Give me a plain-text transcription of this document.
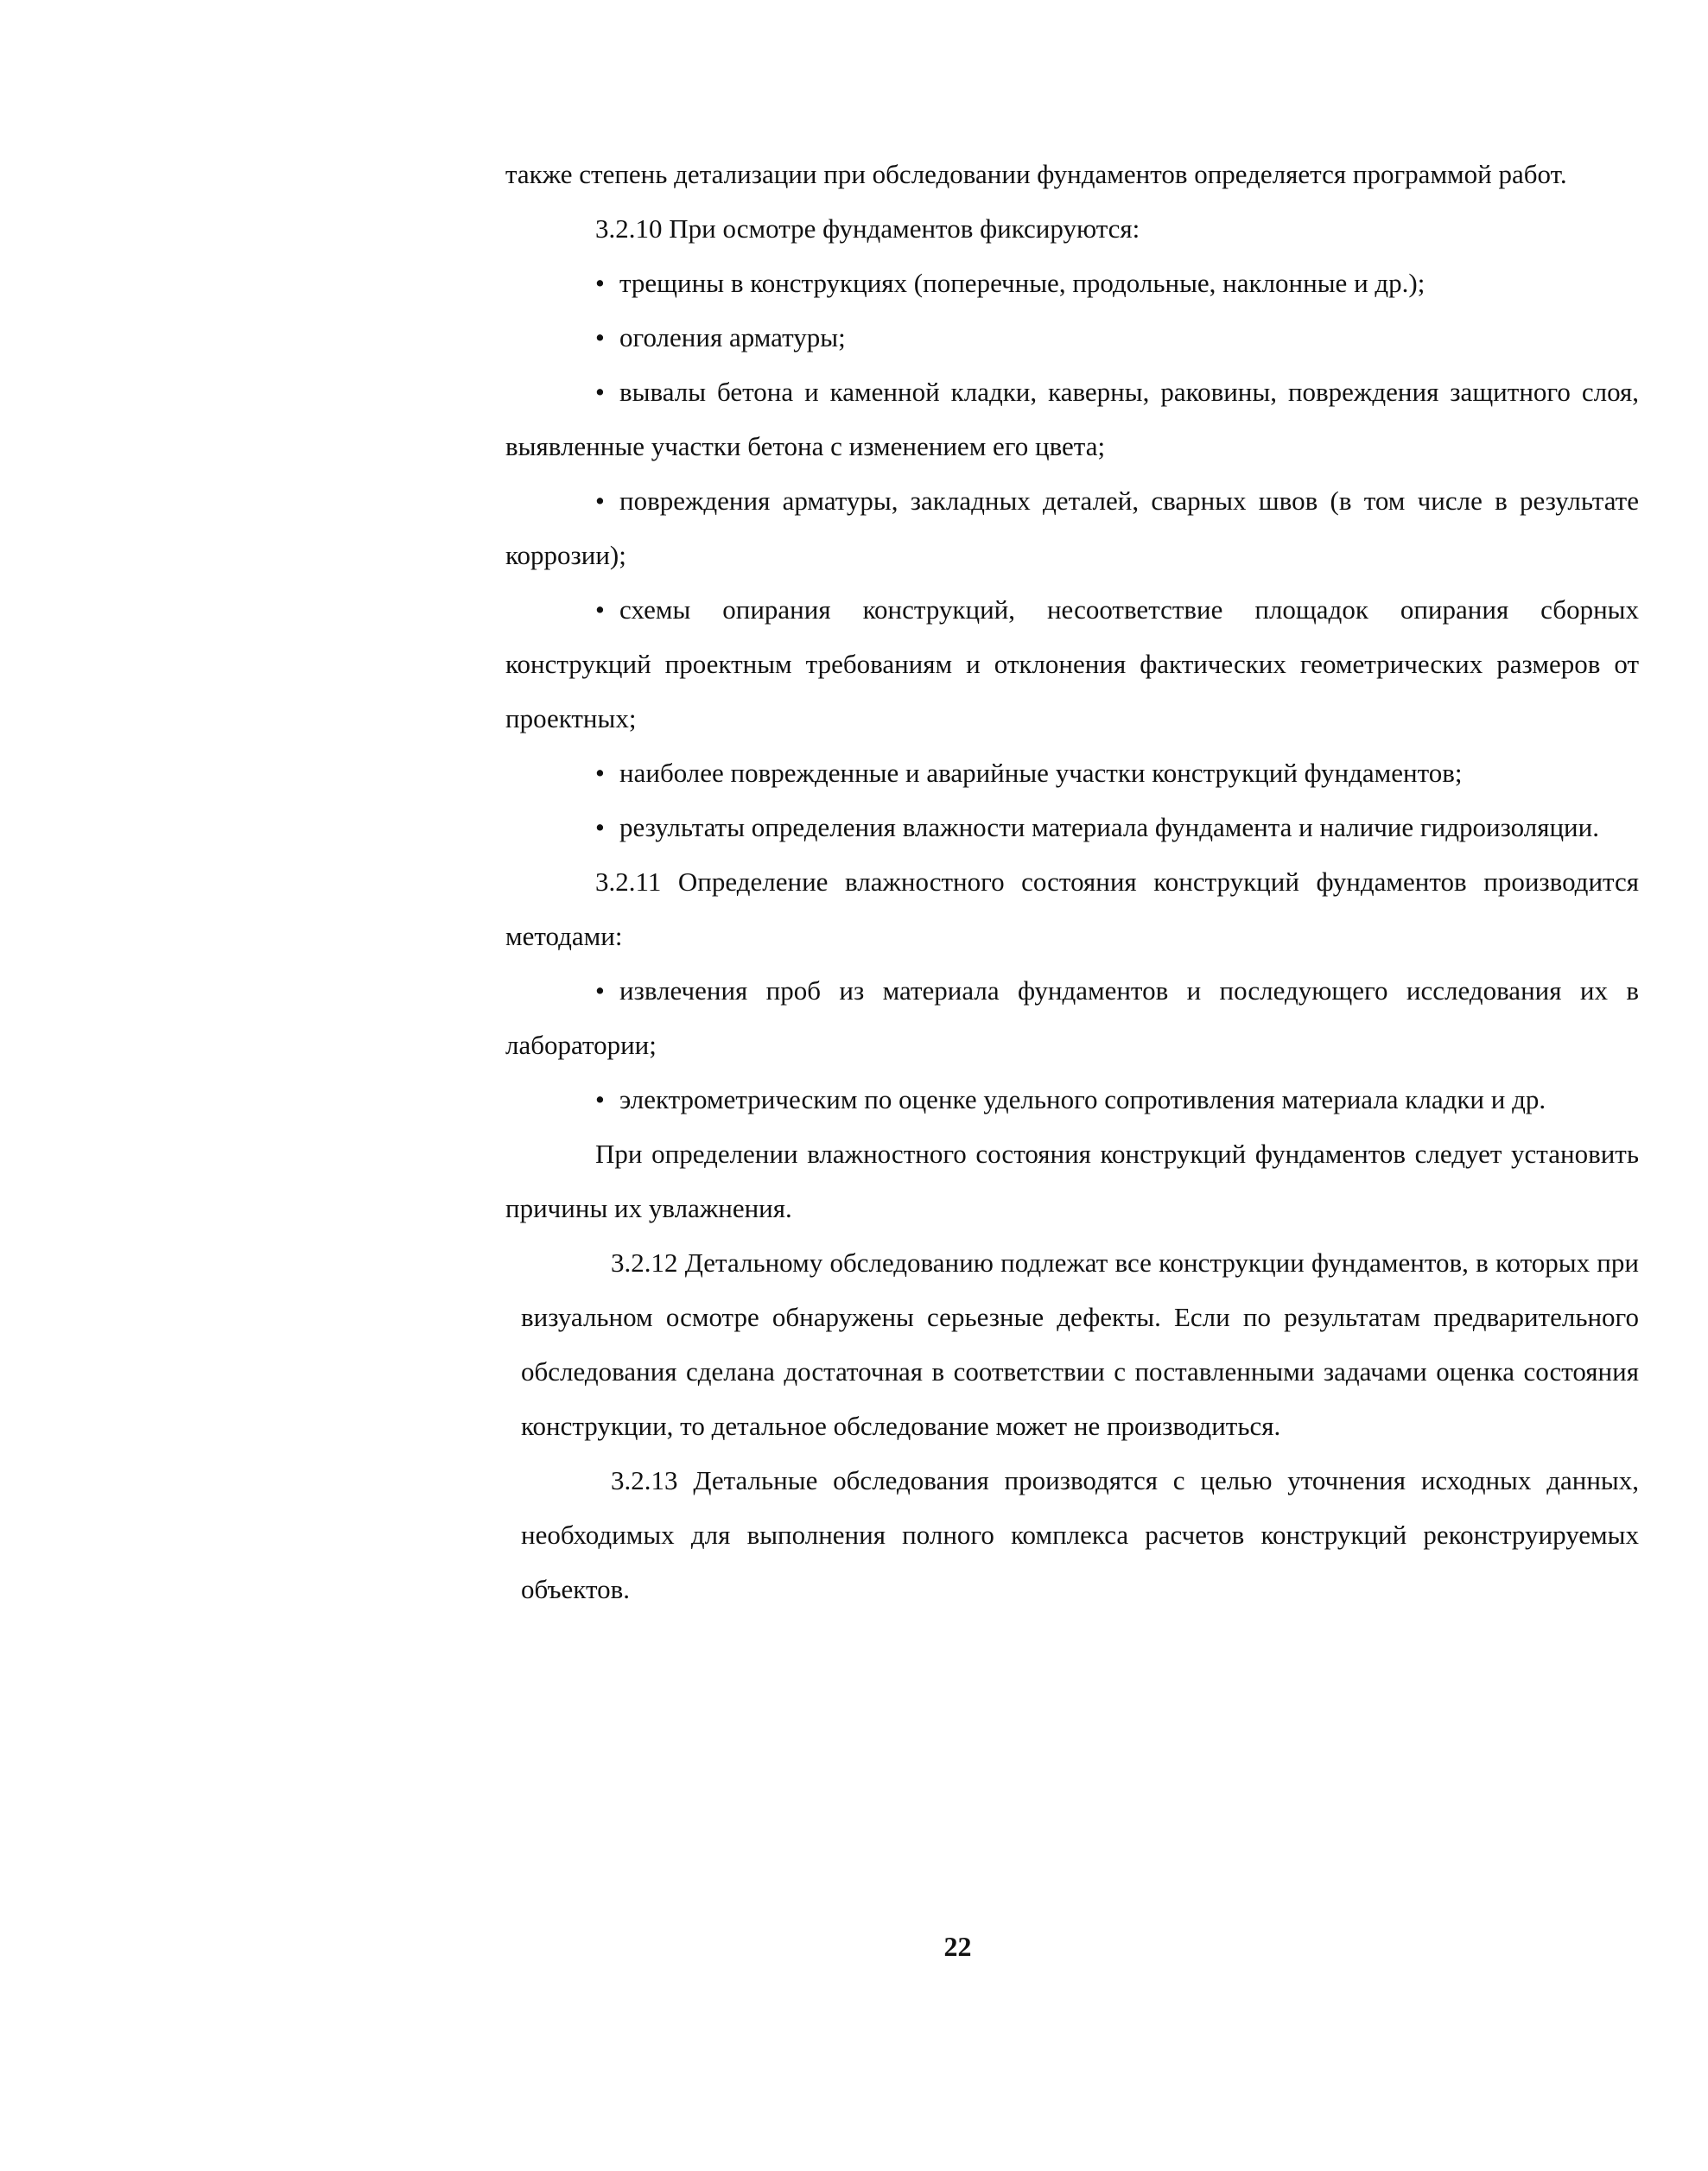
также степень детализации при обследовании фундаментов определяется программой работ.

3.2.10 При осмотре фундаментов фиксируются:

• трещины в конструкциях (поперечные, продольные, наклонные и др.);

• оголения арматуры;

• вывалы бетона и каменной кладки, каверны, раковины, повреждения защитного слоя, выявленные участки бетона с изменением его цвета;

• повреждения арматуры, закладных деталей, сварных швов (в том числе в результате коррозии);

• схемы опирания конструкций, несоответствие площадок опирания сборных конструкций проектным требованиям и отклонения фактических геометрических размеров от проектных;

• наиболее поврежденные и аварийные участки конструкций фундаментов;

• результаты определения влажности материала фундамента и наличие гидроизоляции.

3.2.11 Определение влажностного состояния конструкций фундаментов производится методами:

• извлечения проб из материала фундаментов и последующего исследования их в лаборатории;

• электрометрическим по оценке удельного сопротивления материала кладки и др.

При определении влажностного состояния конструкций фундаментов следует установить причины их увлажнения.

3.2.12 Детальному обследованию подлежат все конструкции фундаментов, в которых при визуальном осмотре обнаружены серьезные дефекты. Если по результатам предварительного обследования сделана достаточная в соответствии с поставленными задачами оценка состояния конструкции, то детальное обследование может не производиться.

3.2.13 Детальные обследования производятся с целью уточнения исходных данных, необходимых для выполнения полного комплекса расчетов конструкций реконструируемых объектов.

22
